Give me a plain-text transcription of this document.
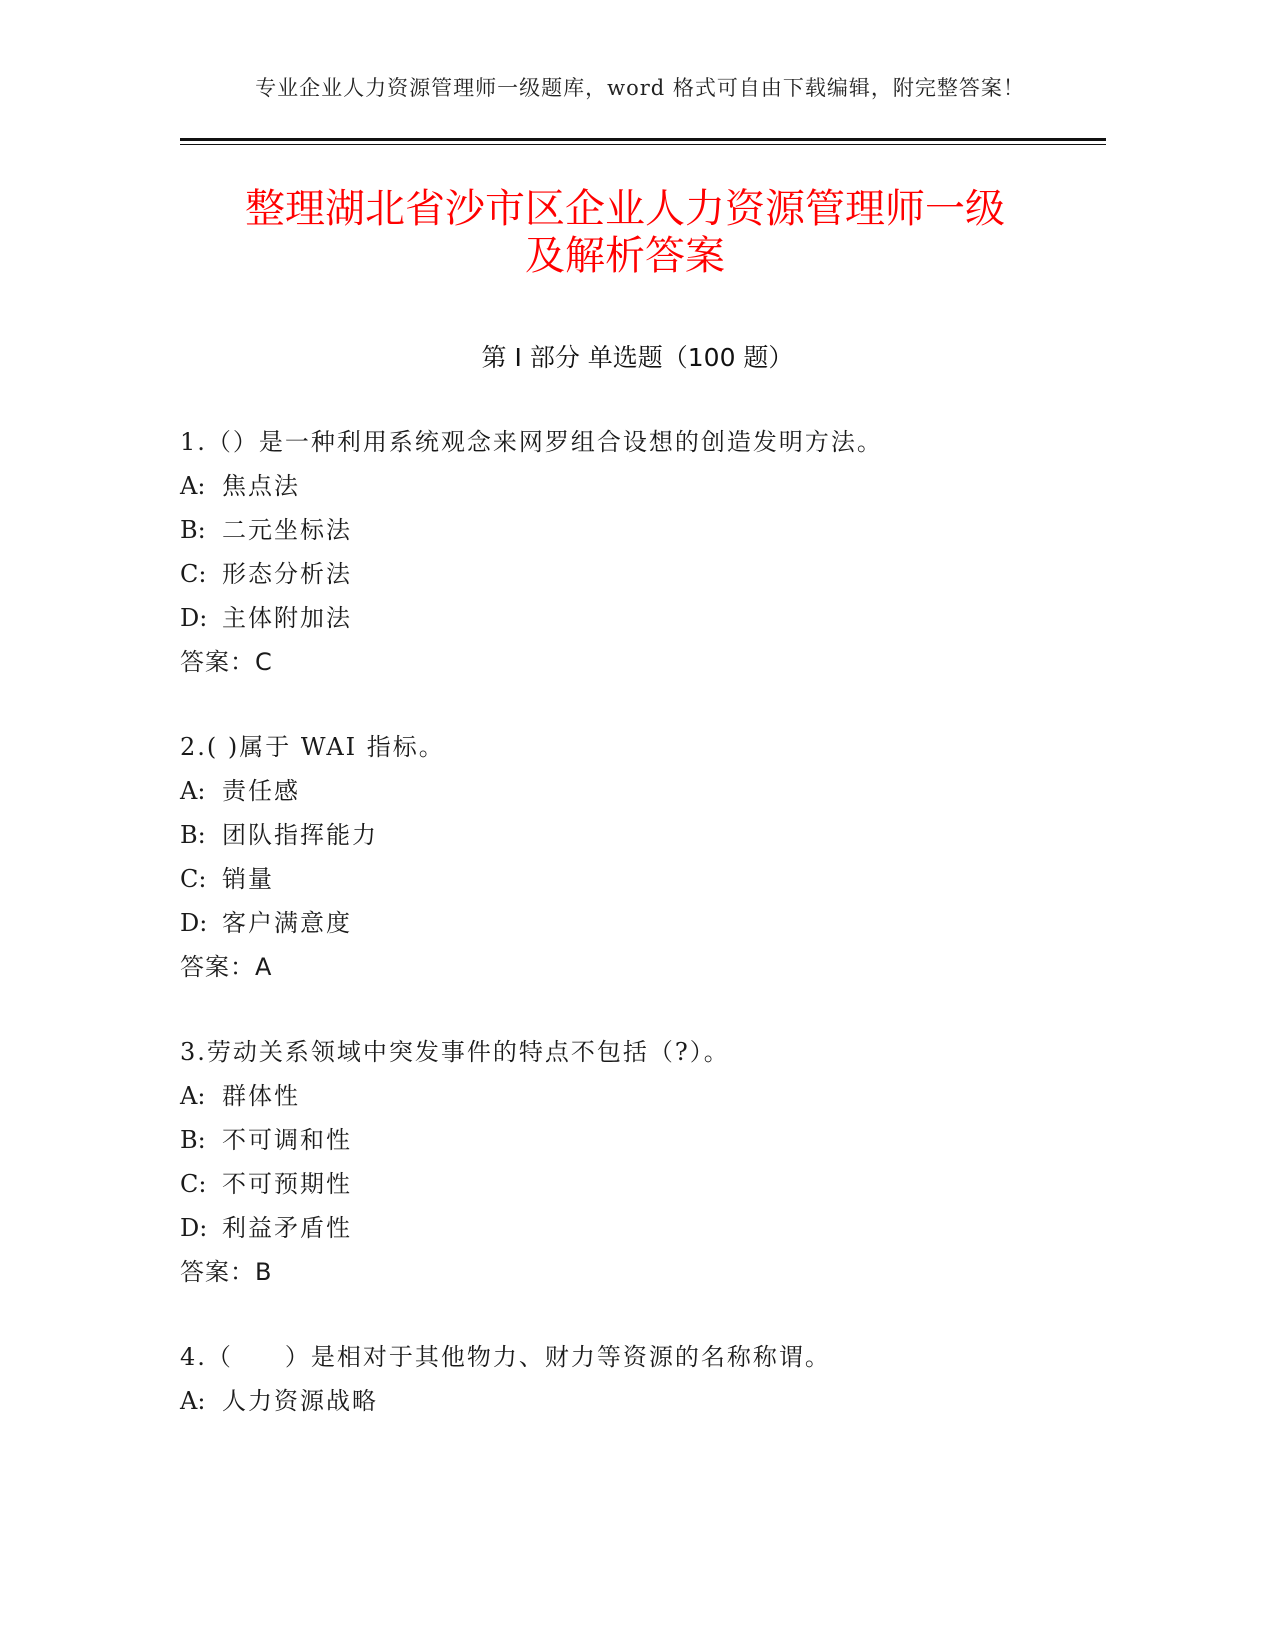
专业企业人力资源管理师一级题库，word 格式可自由下载编辑，附完整答案！
整理湖北省沙市区企业人力资源管理师一级
及解析答案
第 I 部分 单选题（100 题）
1.（）是一种利用系统观念来网罗组合设想的创造发明方法。
A: 焦点法
B: 二元坐标法
C: 形态分析法
D: 主体附加法
答案：C
2.( )属于 WAI 指标。
A: 责任感
B: 团队指挥能力
C: 销量
D: 客户满意度
答案：A
3.劳动关系领域中突发事件的特点不包括（?）。
A: 群体性
B: 不可调和性
C: 不可预期性
D: 利益矛盾性
答案：B
4.（　　）是相对于其他物力、财力等资源的名称称谓。
A: 人力资源战略
